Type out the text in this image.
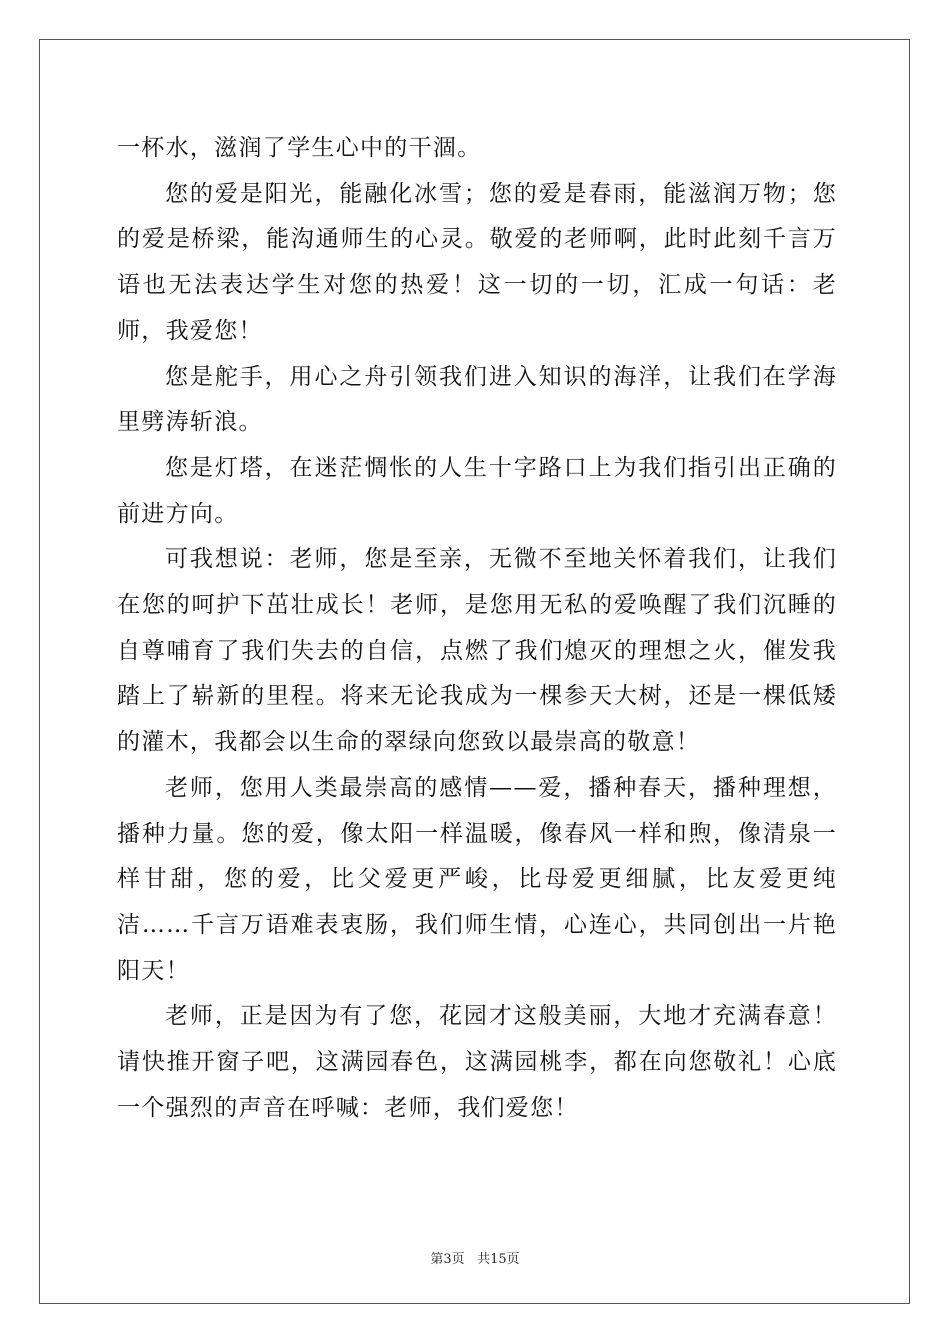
一杯水，滋润了学生心中的干涸。

您的爱是阳光，能融化冰雪；您的爱是春雨，能滋润万物；您的爱是桥梁，能沟通师生的心灵。敬爱的老师啊，此时此刻千言万语也无法表达学生对您的热爱！这一切的一切，汇成一句话：老师，我爱您！

您是舵手，用心之舟引领我们进入知识的海洋，让我们在学海里劈涛斩浪。

您是灯塔，在迷茫惆怅的人生十字路口上为我们指引出正确的前进方向。

可我想说：老师，您是至亲，无微不至地关怀着我们，让我们在您的呵护下茁壮成长！老师，是您用无私的爱唤醒了我们沉睡的自尊哺育了我们失去的自信，点燃了我们熄灭的理想之火，催发我踏上了崭新的里程。将来无论我成为一棵参天大树，还是一棵低矮的灌木，我都会以生命的翠绿向您致以最崇高的敬意！

老师，您用人类最崇高的感情——爱，播种春天，播种理想，播种力量。您的爱，像太阳一样温暖，像春风一样和煦，像清泉一样甘甜，您的爱，比父爱更严峻，比母爱更细腻，比友爱更纯洁……千言万语难表衷肠，我们师生情，心连心，共同创出一片艳阳天！

老师，正是因为有了您，花园才这般美丽，大地才充满春意！请快推开窗子吧，这满园春色，这满园桃李，都在向您敬礼！心底一个强烈的声音在呼喊：老师，我们爱您！

第3页 共15页
